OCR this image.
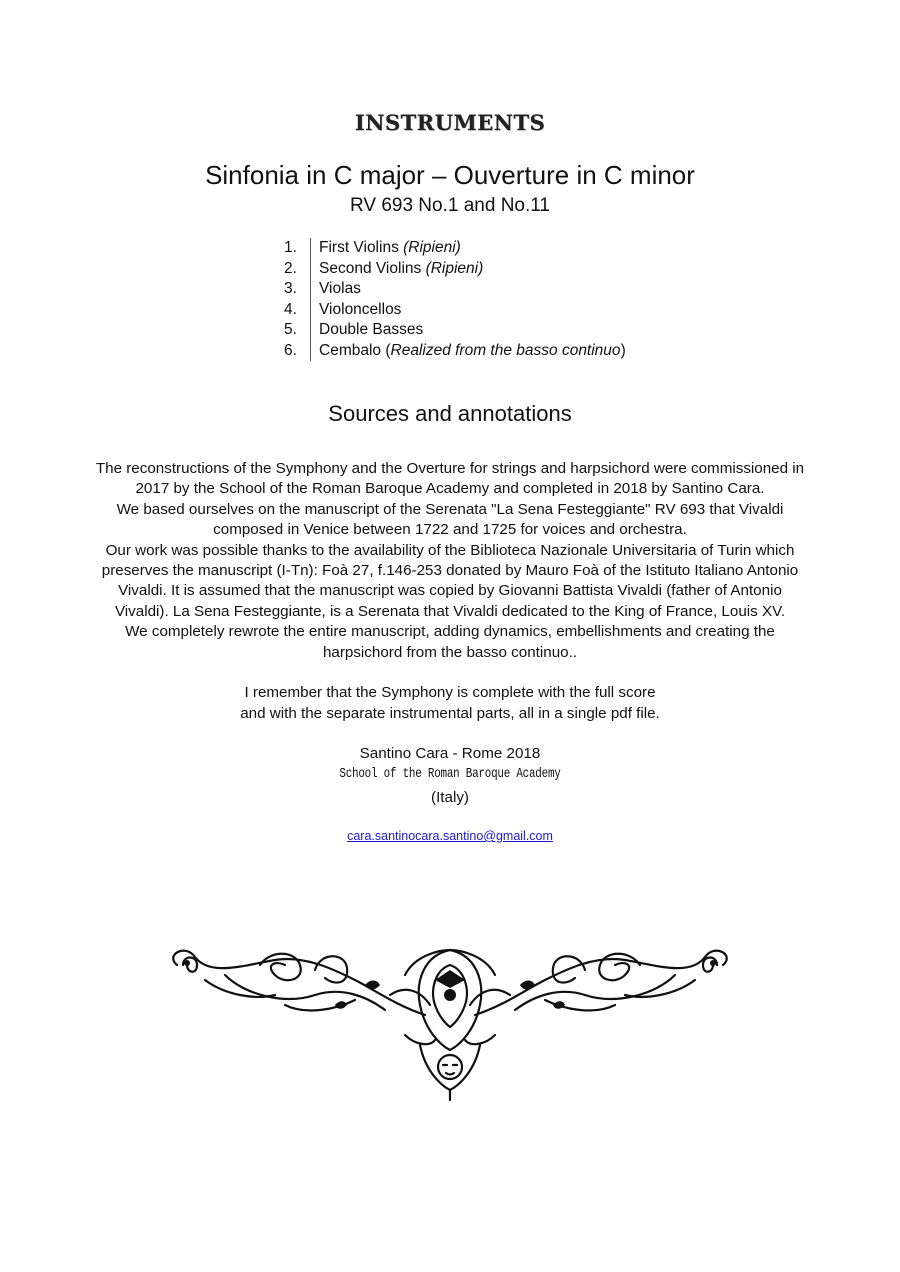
INSTRUMENTS
Sinfonia in C major – Ouverture in C minor
RV 693 No.1 and No.11
1.	First Violins (Ripieni)
2.	Second Violins (Ripieni)
3.	Violas
4.	Violoncellos
5.	Double Basses
6.	Cembalo (Realized from the basso continuo)
Sources and annotations

The reconstructions of the Symphony and the Overture for strings and harpsichord were commissioned in

2017 by the School of the Roman Baroque Academy and completed in 2018 by Santino Cara.

We based ourselves on the manuscript of the Serenata "La Sena Festeggiante" RV 693 that Vivaldi

composed in Venice between 1722 and 1725 for voices and orchestra.

Our work was possible thanks to the availability of the Biblioteca Nazionale Universitaria of Turin which

preserves the manuscript (I-Tn): Foà 27, f.146-253 donated by Mauro Foà of the Istituto Italiano Antonio

Vivaldi. It is assumed that the manuscript was copied by Giovanni Battista Vivaldi (father of Antonio

Vivaldi). La Sena Festeggiante, is a Serenata that Vivaldi dedicated to the King of France, Louis XV.

We completely rewrote the entire manuscript, adding dynamics, embellishments and creating the

harpsichord from the basso continuo..

I remember that the Symphony is complete with the full score

and with the separate instrumental parts, all in a single pdf file.

Santino Cara - Rome 2018
School of the Roman Baroque Academy
(Italy)
cara.santinocara.santino@gmail.com
